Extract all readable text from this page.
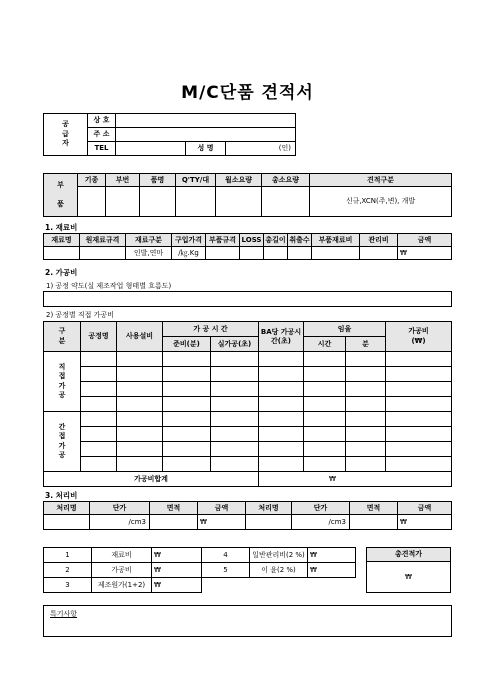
M/C단품 견적서
공
급
자	상 호			
	주 소			
	TEL		성 명	(인)
부

품	기종	부번	품명	Q'TY/대	월소요량	총소요량	견적구분
							신규,XCN(주,변), 개발

1. 재료비

재료명	원재료규격	재료구분	구입가격	부품규격	LOSS	총길이	취출수	부품재료비	관리비	금액
		인발,연마	/㎏.Kg							₩

2. 가공비

1) 공정 약도(실 제조작업 형태별 흐름도)

2) 공정별 직접 가공비

구
분	공정명	사용설비	가 공 시 간		BA당 가공시간(초)	임율		가공비
(₩)
			준비(분)	실가공(초)		시간	분	
직
접
가
공								

간
접
가
공								

가공비합계					₩			

3. 처리비

처리명	단가	면적	금액	처리명	단가	면적	금액
	/cm3		₩		/cm3		₩
1	재료비	₩	4	일반관리비(2 %)	₩
2	가공비	₩	5	이 윤(2 %)	₩
3	제조원가(1+2)	₩			
총견적가
₩
특기사항
